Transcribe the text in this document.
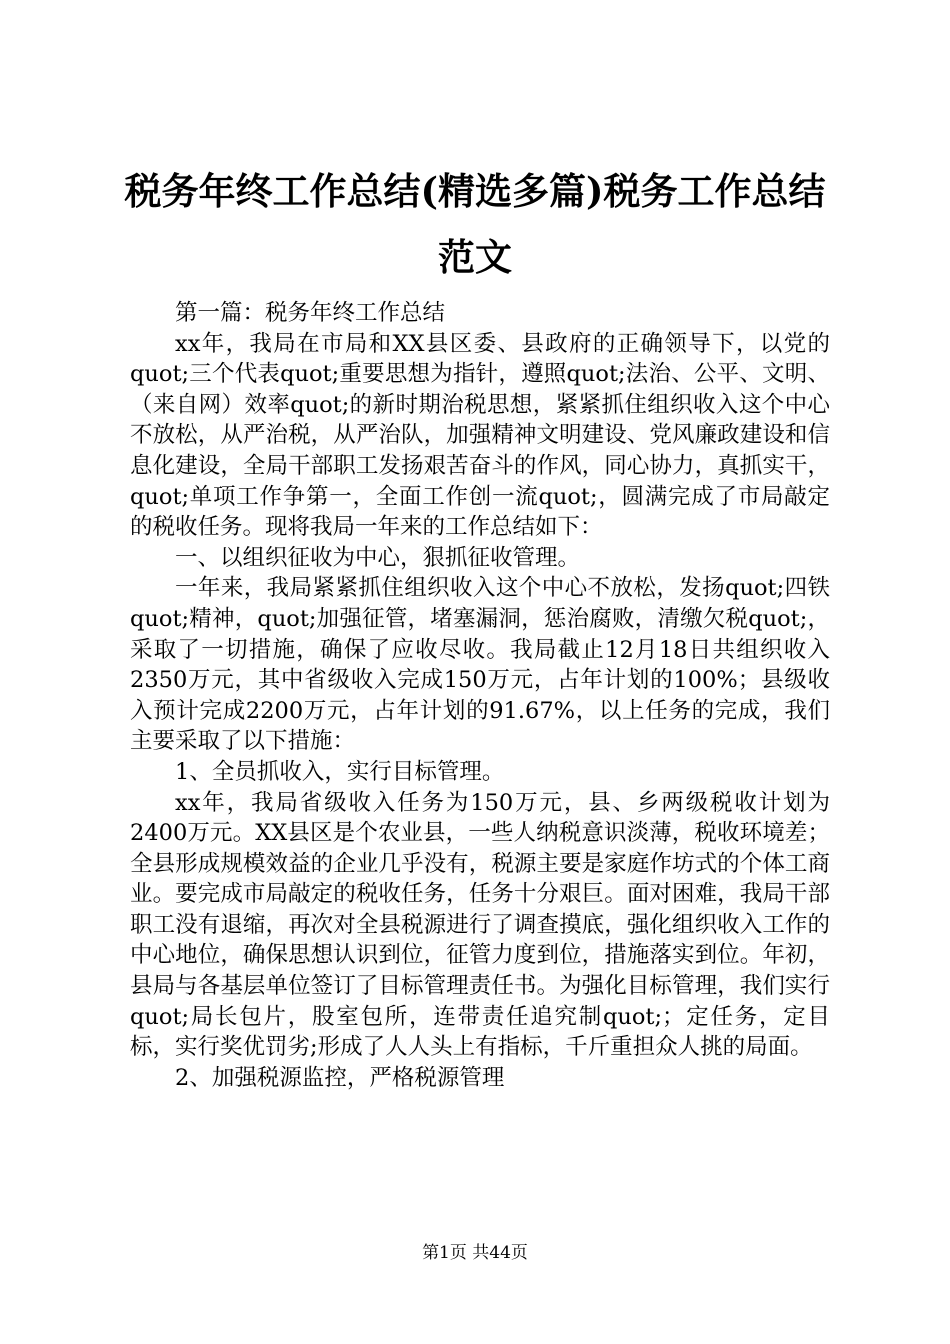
税务年终工作总结(精选多篇)税务工作总结范文

第一篇：税务年终工作总结

xx年，我局在市局和XX县区委、县政府的正确领导下，以党的quot;三个代表quot;重要思想为指针，遵照quot;法治、公平、文明、（来自网）效率quot;的新时期治税思想，紧紧抓住组织收入这个中心不放松，从严治税，从严治队，加强精神文明建设、党风廉政建设和信息化建设，全局干部职工发扬艰苦奋斗的作风，同心协力，真抓实干，quot;单项工作争第一，全面工作创一流quot;，圆满完成了市局敲定的税收任务。现将我局一年来的工作总结如下：

一、以组织征收为中心，狠抓征收管理。

一年来，我局紧紧抓住组织收入这个中心不放松，发扬quot;四铁quot;精神，quot;加强征管，堵塞漏洞，惩治腐败，清缴欠税quot;，采取了一切措施，确保了应收尽收。我局截止12月18日共组织收入2350万元，其中省级收入完成150万元，占年计划的100%；县级收入预计完成2200万元，占年计划的91.67%，以上任务的完成，我们主要采取了以下措施：

1、全员抓收入，实行目标管理。

xx年，我局省级收入任务为150万元，县、乡两级税收计划为2400万元。XX县区是个农业县，一些人纳税意识淡薄，税收环境差；全县形成规模效益的企业几乎没有，税源主要是家庭作坊式的个体工商业。要完成市局敲定的税收任务，任务十分艰巨。面对困难，我局干部职工没有退缩，再次对全县税源进行了调查摸底，强化组织收入工作的中心地位，确保思想认识到位，征管力度到位，措施落实到位。年初，县局与各基层单位签订了目标管理责任书。为强化目标管理，我们实行quot;局长包片，股室包所，连带责任追究制quot;；定任务，定目标，实行奖优罚劣;形成了人人头上有指标，千斤重担众人挑的局面。

2、加强税源监控，严格税源管理

第1页 共44页
